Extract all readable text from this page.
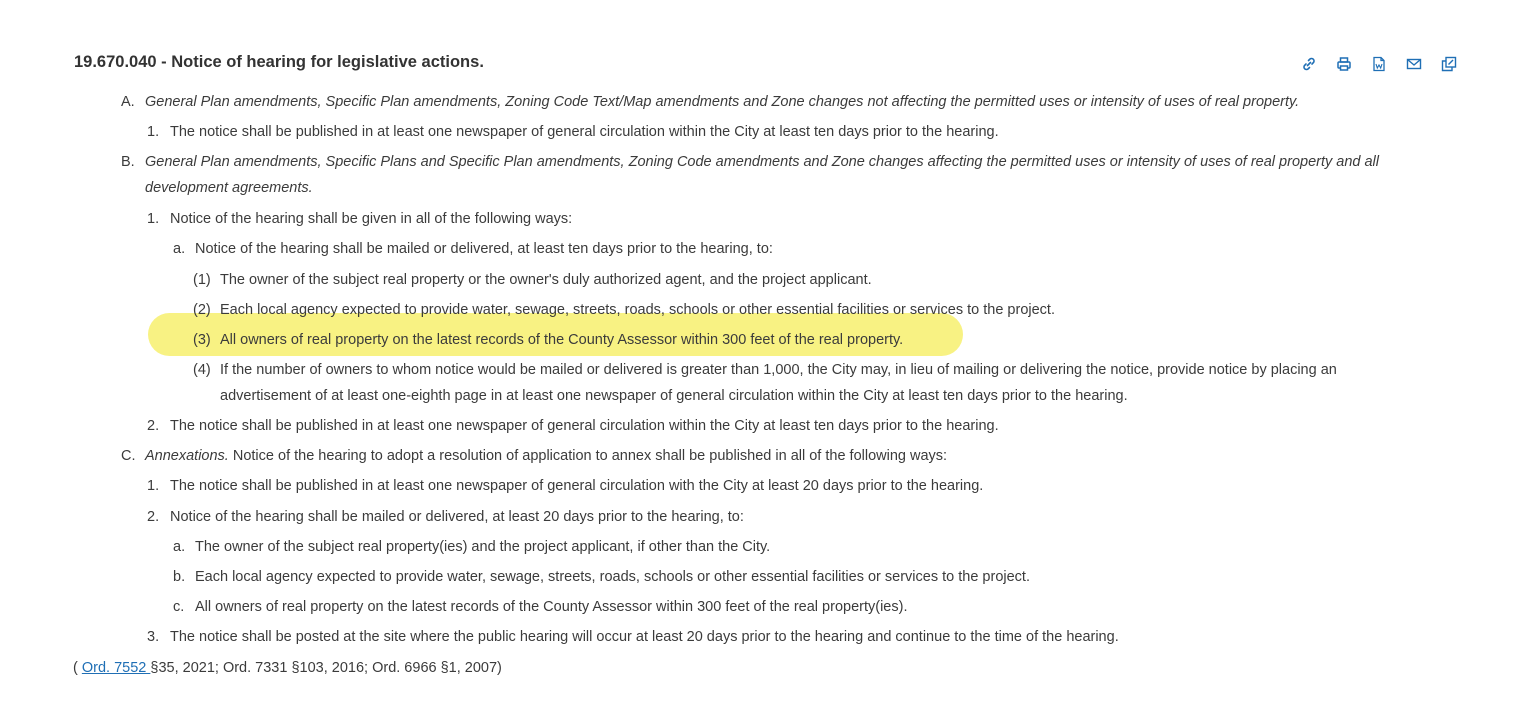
19.670.040 - Notice of hearing for legislative actions.
A. General Plan amendments, Specific Plan amendments, Zoning Code Text/Map amendments and Zone changes not affecting the permitted uses or intensity of uses of real property.
1. The notice shall be published in at least one newspaper of general circulation within the City at least ten days prior to the hearing.
B. General Plan amendments, Specific Plans and Specific Plan amendments, Zoning Code amendments and Zone changes affecting the permitted uses or intensity of uses of real property and all
development agreements.
1. Notice of the hearing shall be given in all of the following ways:
a. Notice of the hearing shall be mailed or delivered, at least ten days prior to the hearing, to:
(1) The owner of the subject real property or the owner's duly authorized agent, and the project applicant.
(2) Each local agency expected to provide water, sewage, streets, roads, schools or other essential facilities or services to the project.
(3) All owners of real property on the latest records of the County Assessor within 300 feet of the real property.
(4) If the number of owners to whom notice would be mailed or delivered is greater than 1,000, the City may, in lieu of mailing or delivering the notice, provide notice by placing an
advertisement of at least one-eighth page in at least one newspaper of general circulation within the City at least ten days prior to the hearing.
2. The notice shall be published in at least one newspaper of general circulation within the City at least ten days prior to the hearing.
C. Annexations. Notice of the hearing to adopt a resolution of application to annex shall be published in all of the following ways:
1. The notice shall be published in at least one newspaper of general circulation with the City at least 20 days prior to the hearing.
2. Notice of the hearing shall be mailed or delivered, at least 20 days prior to the hearing, to:
a. The owner of the subject real property(ies) and the project applicant, if other than the City.
b. Each local agency expected to provide water, sewage, streets, roads, schools or other essential facilities or services to the project.
c. All owners of real property on the latest records of the County Assessor within 300 feet of the real property(ies).
3. The notice shall be posted at the site where the public hearing will occur at least 20 days prior to the hearing and continue to the time of the hearing.
( Ord. 7552 §35, 2021; Ord. 7331 §103, 2016; Ord. 6966 §1, 2007)
